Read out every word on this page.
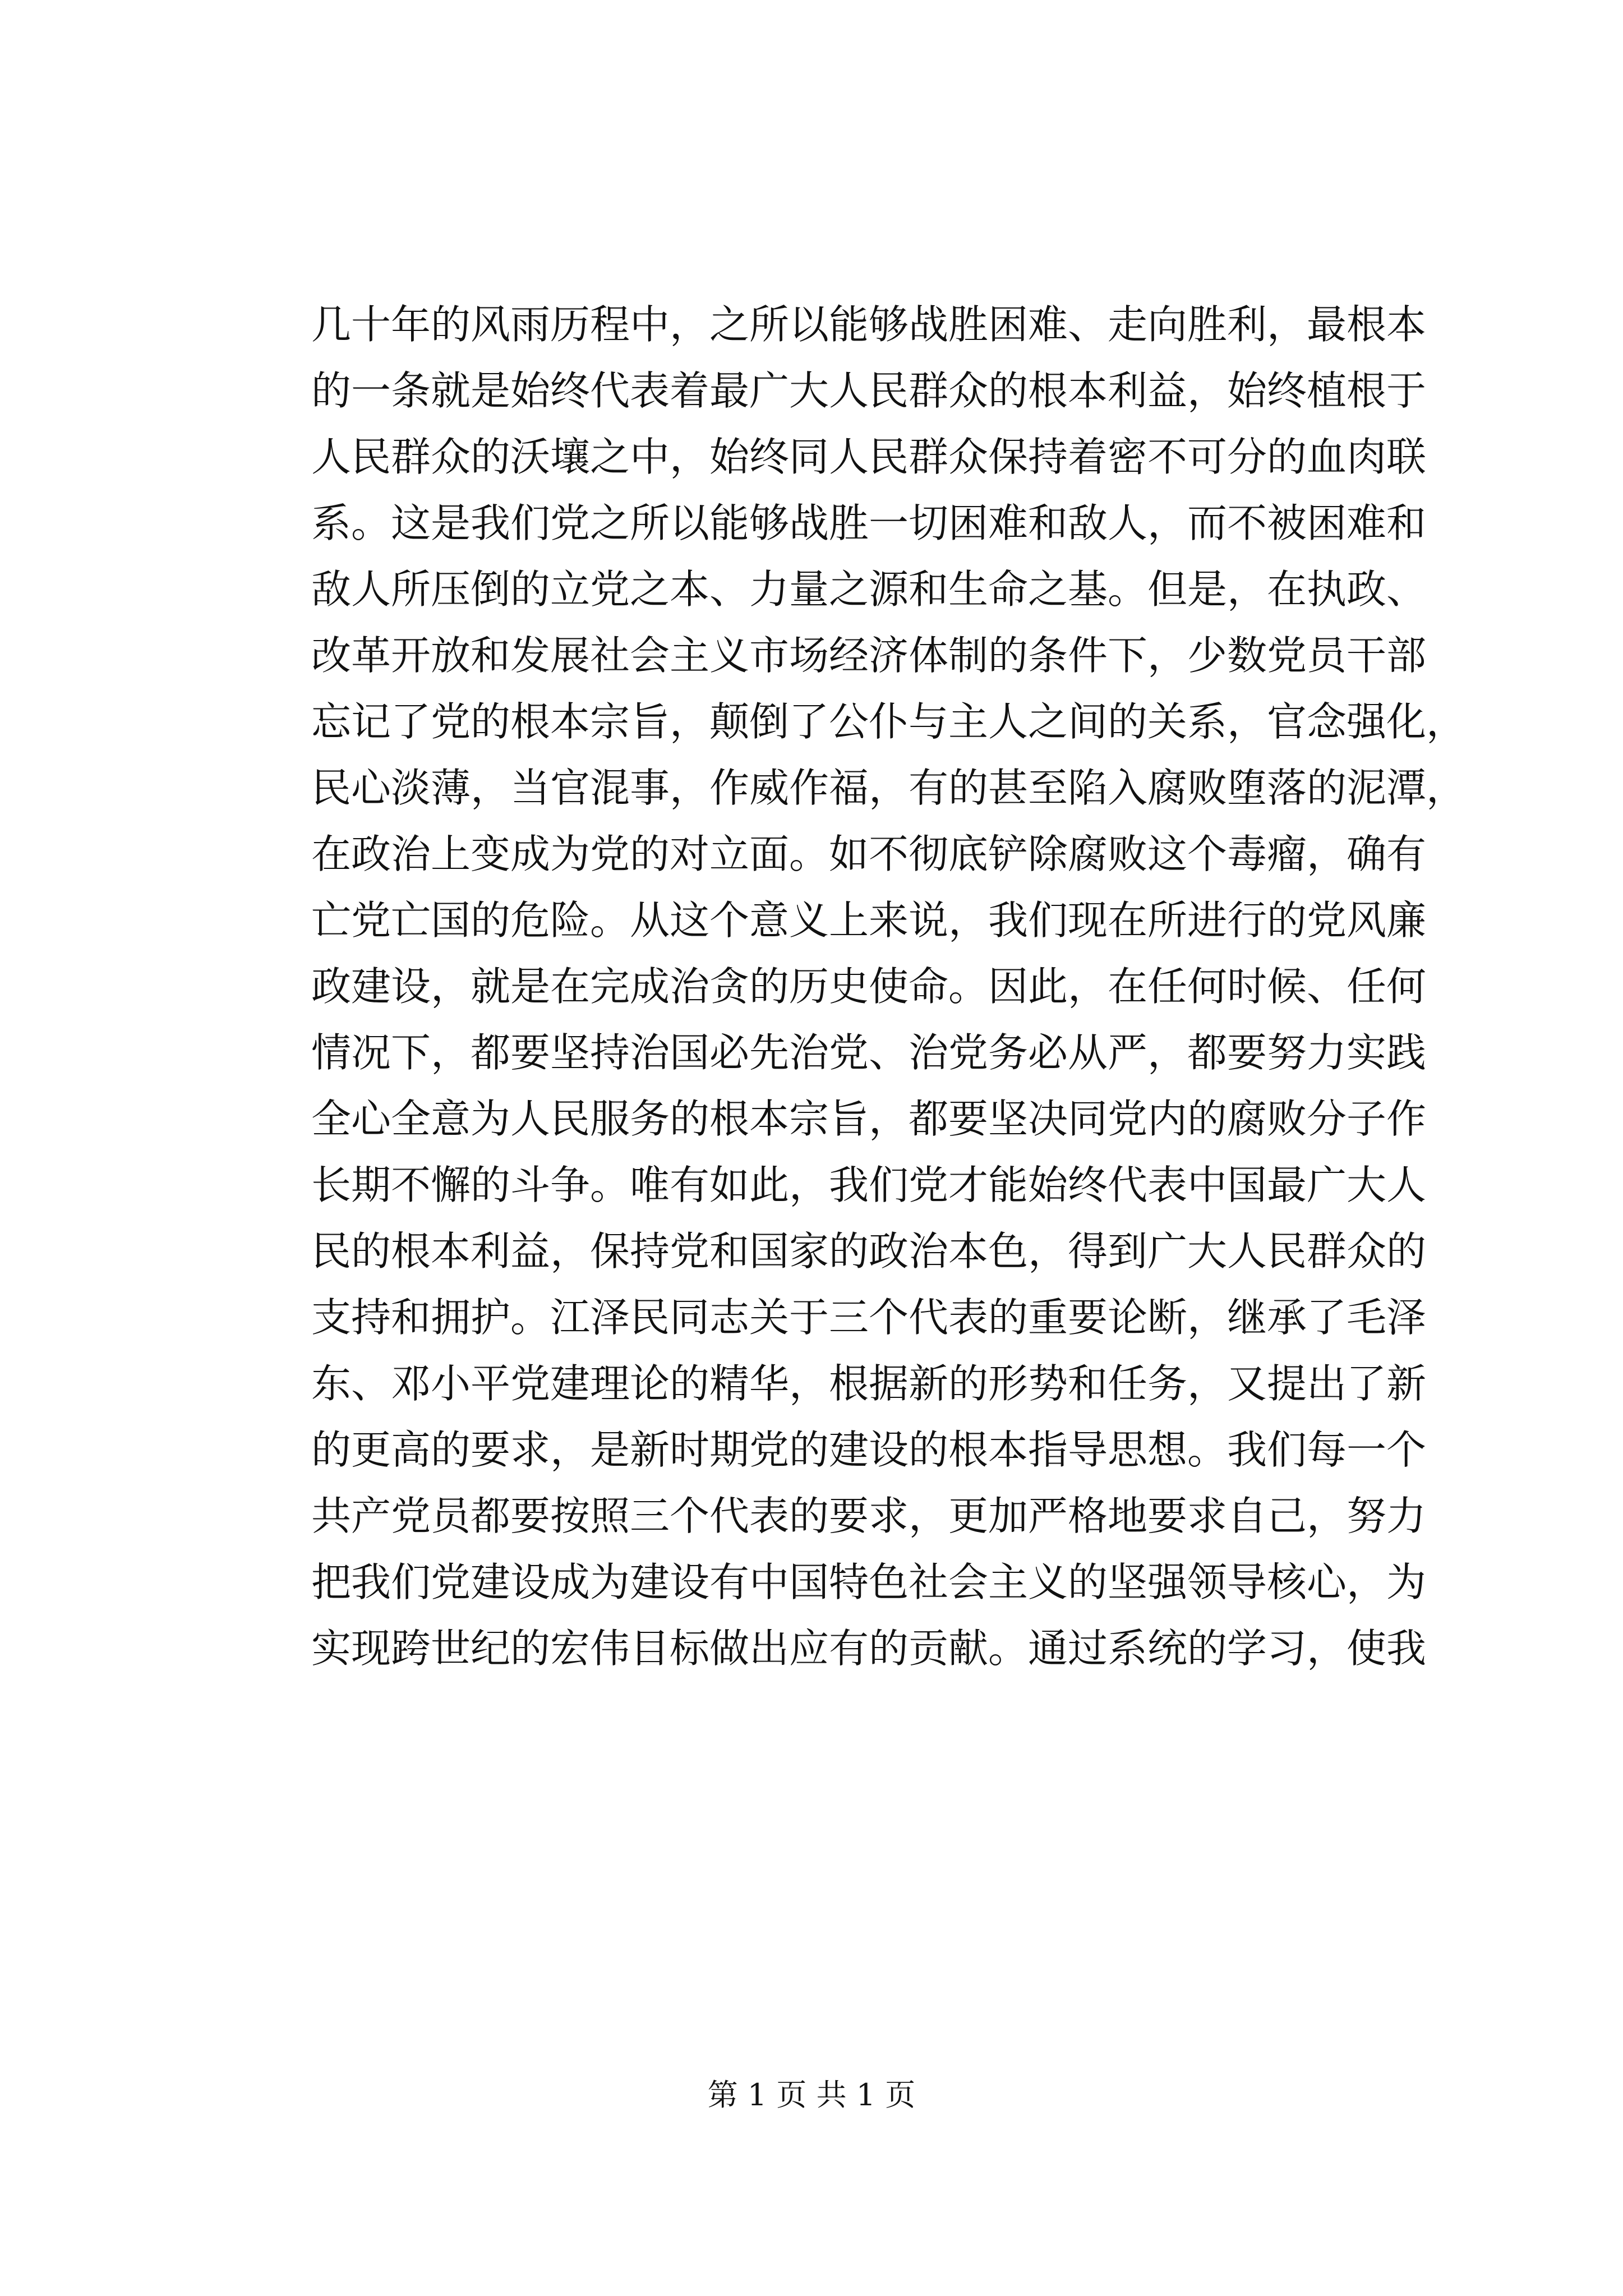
几十年的风雨历程中，之所以能够战胜困难、走向胜利，最根本
的一条就是始终代表着最广大人民群众的根本利益，始终植根于
人民群众的沃壤之中，始终同人民群众保持着密不可分的血肉联
系。这是我们党之所以能够战胜一切困难和敌人，而不被困难和
敌人所压倒的立党之本、力量之源和生命之基。但是，在执政、
改革开放和发展社会主义市场经济体制的条件下，少数党员干部
忘记了党的根本宗旨，颠倒了公仆与主人之间的关系，官念强化，
民心淡薄，当官混事，作威作福，有的甚至陷入腐败堕落的泥潭，
在政治上变成为党的对立面。如不彻底铲除腐败这个毒瘤，确有
亡党亡国的危险。从这个意义上来说，我们现在所进行的党风廉
政建设，就是在完成治贪的历史使命。因此，在任何时候、任何
情况下，都要坚持治国必先治党、治党务必从严，都要努力实践
全心全意为人民服务的根本宗旨，都要坚决同党内的腐败分子作
长期不懈的斗争。唯有如此，我们党才能始终代表中国最广大人
民的根本利益，保持党和国家的政治本色，得到广大人民群众的
支持和拥护。江泽民同志关于三个代表的重要论断，继承了毛泽
东、邓小平党建理论的精华，根据新的形势和任务，又提出了新
的更高的要求，是新时期党的建设的根本指导思想。我们每一个
共产党员都要按照三个代表的要求，更加严格地要求自己，努力
把我们党建设成为建设有中国特色社会主义的坚强领导核心，为
实现跨世纪的宏伟目标做出应有的贡献。通过系统的学习，使我
第 1 页 共 1 页
